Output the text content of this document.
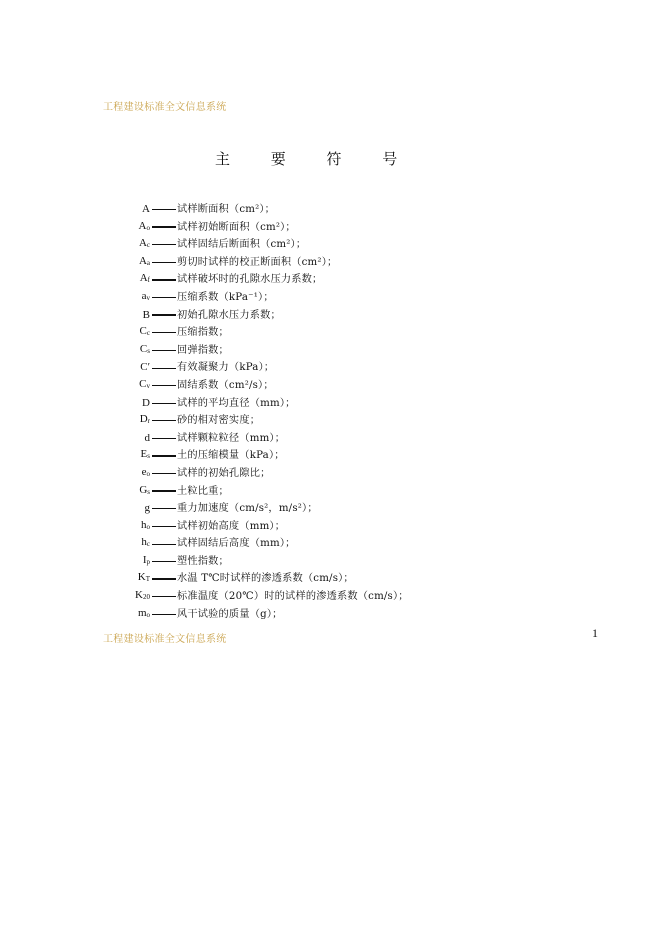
工程建设标准全文信息系统
主 要 符 号
A	试样断面积（cm²）；
$A_o$	试样初始断面积（cm²）；
$A_c$	试样固结后断面积（cm²）；
$A_a$	剪切时试样的校正断面积（cm²）；
$A_f$	试样破坏时的孔隙水压力系数；
$a_v$	压缩系数（kPa⁻¹）；
B	初始孔隙水压力系数；
$C_c$	压缩指数；
$C_s$	回弹指数；
C′	有效凝聚力（kPa）；
$C_v$	固结系数（cm²/s）；
D	试样的平均直径（mm）；
$D_r$	砂的相对密实度；
d	试样颗粒粒径（mm）；
$E_s$	土的压缩模量（kPa）；
$e_o$	试样的初始孔隙比；
$G_s$	土粒比重；
g	重力加速度（cm/s²，m/s²）；
$h_o$	试样初始高度（mm）；
$h_c$	试样固结后高度（mm）；
$I_p$	塑性指数；
$K_T$	水温 T℃时试样的渗透系数（cm/s）；
$K_{20}$	标准温度（20℃）时的试样的渗透系数（cm/s）；
$m_o$	风干试验的质量（g）；
工程建设标准全文信息系统	1
